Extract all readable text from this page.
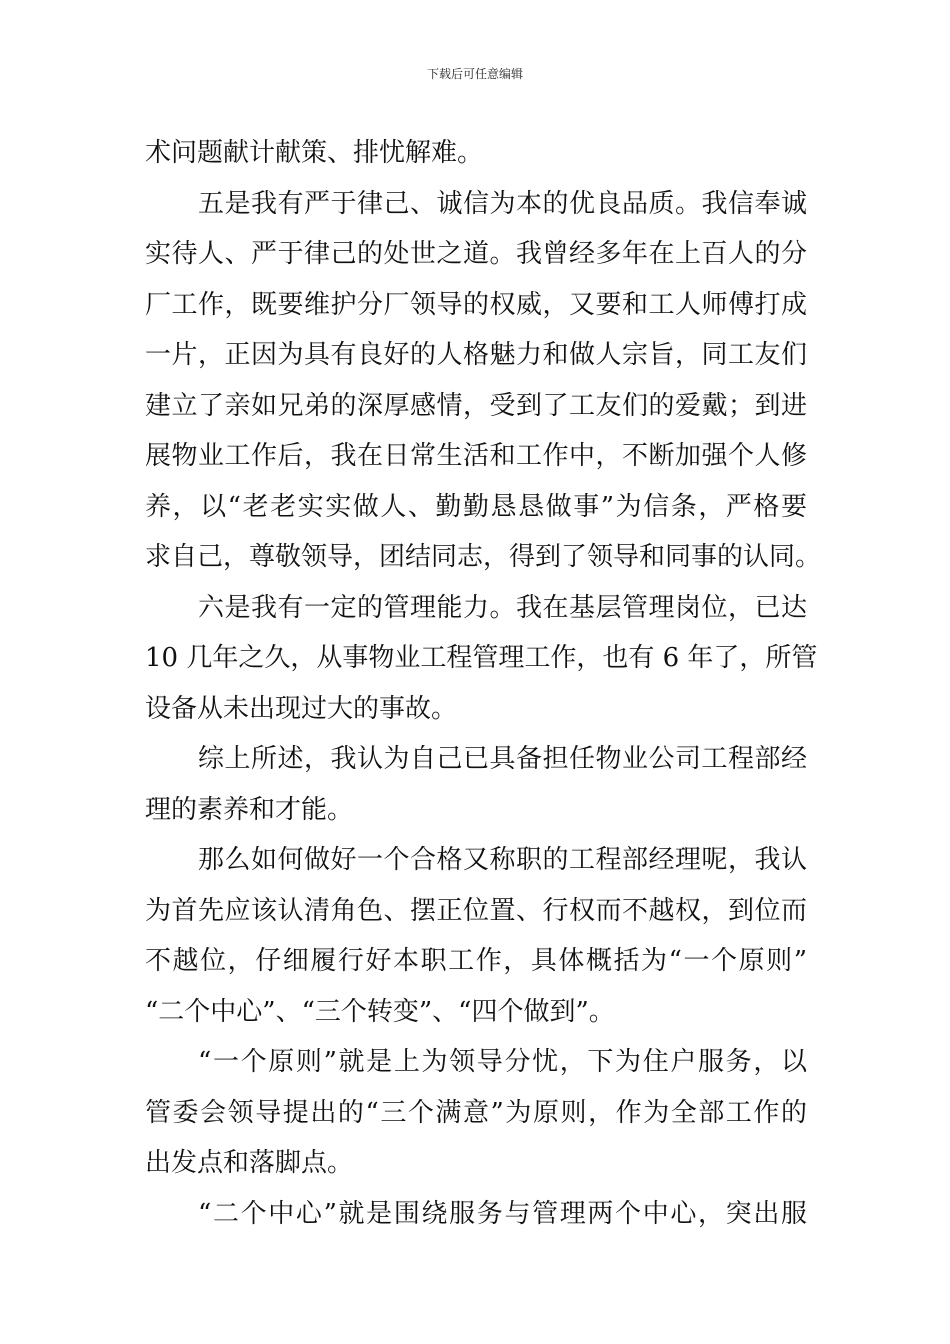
下载后可任意编辑
术问题献计献策、排忧解难。
五是我有严于律己、诚信为本的优良品质。我信奉诚
实待人、严于律己的处世之道。我曾经多年在上百人的分
厂工作，既要维护分厂领导的权威，又要和工人师傅打成
一片，正因为具有良好的人格魅力和做人宗旨，同工友们
建立了亲如兄弟的深厚感情，受到了工友们的爱戴；到进
展物业工作后，我在日常生活和工作中，不断加强个人修
养，以“老老实实做人、勤勤恳恳做事”为信条，严格要
求自己，尊敬领导，团结同志，得到了领导和同事的认同。
六是我有一定的管理能力。我在基层管理岗位，已达
10 几年之久，从事物业工程管理工作，也有 6 年了，所管
设备从未出现过大的事故。
综上所述，我认为自己已具备担任物业公司工程部经
理的素养和才能。
那么如何做好一个合格又称职的工程部经理呢，我认
为首先应该认清角色、摆正位置、行权而不越权，到位而
不越位，仔细履行好本职工作，具体概括为“一个原则”
“二个中心”、“三个转变”、“四个做到”。
“一个原则”就是上为领导分忧，下为住户服务，以
管委会领导提出的“三个满意”为原则，作为全部工作的
出发点和落脚点。
“二个中心”就是围绕服务与管理两个中心，突出服
